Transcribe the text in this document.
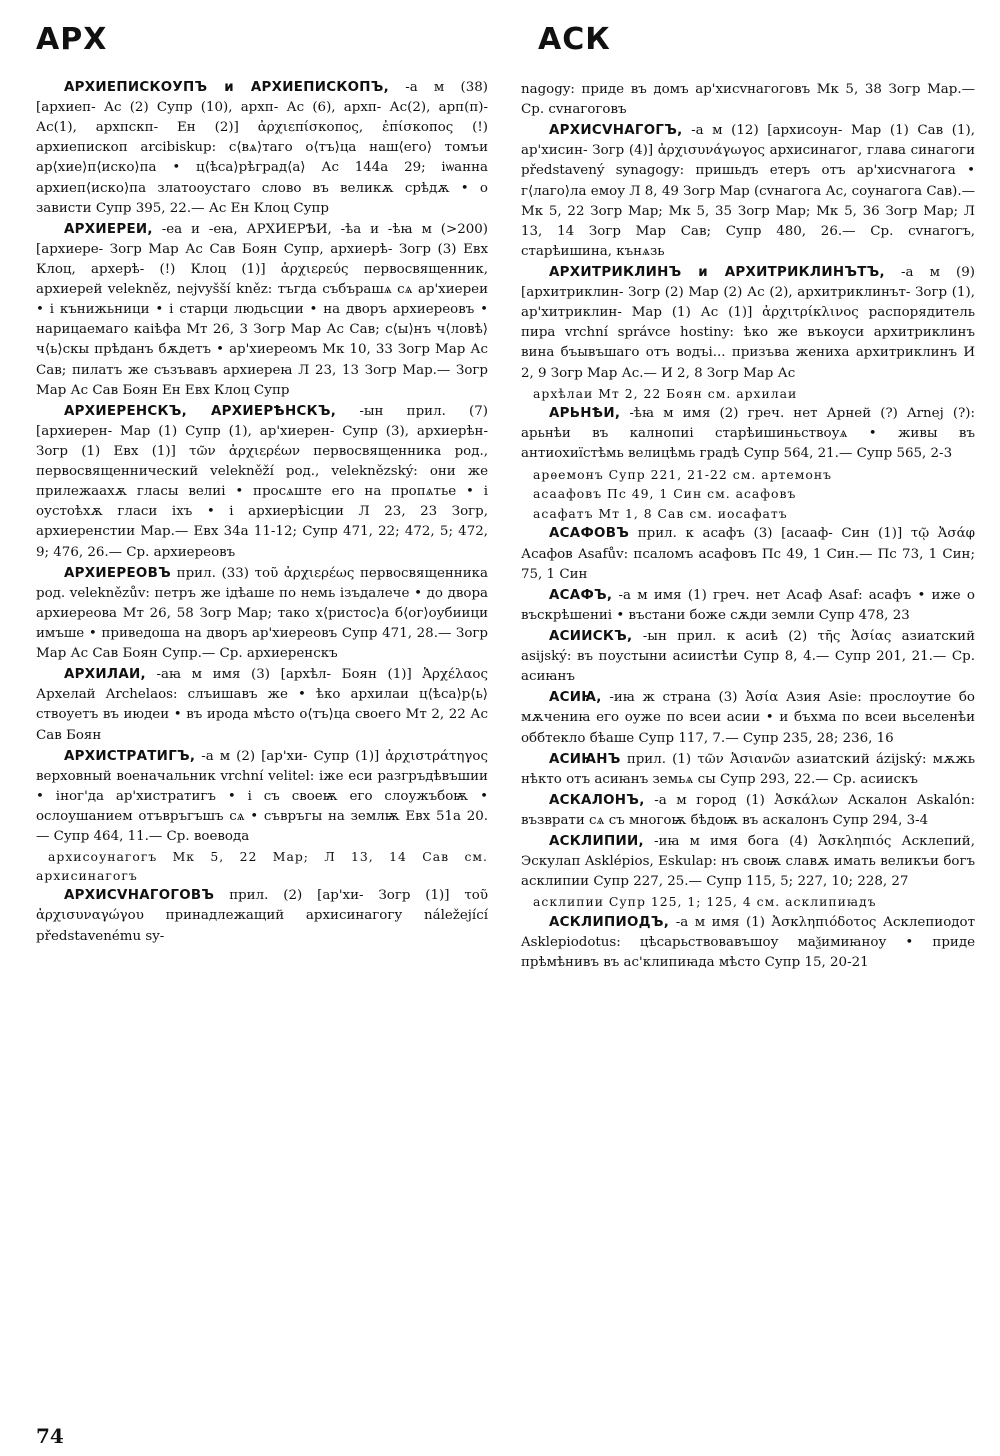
АРХ	АСК

АРХИЕПИСКОУПЪ и АРХИЕПИСКОПЪ, -а м (38) [архиеп- Ас (2) Супр (10), архп- Ас (6), архп- Ас(2), арп(п)- Ас(1), архпскп- Ен (2)] ἀρχιεπίσκοπος, ἐπίσκοπος (!) архиепископ arcibiskup: с⟨вѧ⟩таго о⟨тъ⟩ца наш⟨его⟩ томъи ар⟨хие⟩п⟨иско⟩па • ц⟨ѣса⟩рѣград⟨а⟩ Ас 144а 29; іѡанна архиеп⟨иско⟩па златооустаго слово въ великѫ срѣдѫ • о зависти Супр 395, 22.— Ас Ен Клоц Супр

АРХИЕРЕИ, -еа и -еꙗ, АРХИЕРѢИ, -ѣа и -ѣꙗ м (>200) [архиере- Зогр Мар Ас Сав Боян Супр, архиерѣ- Зогр (3) Евх Клоц, архерѣ- (!) Клоц (1)] ἀρχιερεύς первосвященник, архиерей velekněz, nejvyšší kněz: тъгда събърашѧ сѧ ар'хиереи • і кънижьници • і старци людьсции • на дворъ архиереовъ • нарицаемаго каіѣфа Мт 26, 3 Зогр Мар Ас Сав; с⟨ы⟩нъ ч⟨ловѣ⟩ч⟨ь⟩скы прѣданъ бѫдетъ • ар'хиереомъ Мк 10, 33 Зогр Мар Ас Сав; пилатъ же съзъвавъ архиереꙗ Л 23, 13 Зогр Мар.— Зогр Мар Ас Сав Боян Ен Евх Клоц Супр

АРХИЕРЕНСКЪ, АРХИЕРѢНСКЪ, -ын прил. (7) [архиерен- Мар (1) Супр (1), ар'хиерен- Супр (3), архиерѣн- Зогр (1) Евх (1)] τῶν ἀρχιερέων первосвященника род., первосвященнический velekněží род., veleknězský: они же прилежаахѫ гласы велиі • просѧште его на пропѧтье • і оустоѣхѫ гласи іхъ • і архиерѣісции Л 23, 23 Зогр, архиеренстии Мар.— Евх 34а 11-12; Супр 471, 22; 472, 5; 472, 9; 476, 26.— Ср. архиереовъ

АРХИЕРЕОВЪ прил. (33) τοῦ ἀρχιερέως первосвященника род. veleknězův: петръ же ідѣаше по немь ізъдалече • до двора архиереова Мт 26, 58 Зогр Мар; тако х⟨ристос⟩а б⟨ог⟩оубиици имъше • приведоша на дворъ ар'хиереовъ Супр 471, 28.— Зогр Мар Ас Сав Боян Супр.— Ср. архиеренскъ

АРХИЛАИ, -аꙗ м имя (3) [архѣл- Боян (1)] Ἀρχέλαος Архелай Archelaos: слъишавъ же • ѣко архилаи ц⟨ѣса⟩р⟨ь⟩ствоуетъ въ июдеи • въ ирода мѣсто о⟨тъ⟩ца своего Мт 2, 22 Ас Сав Боян

АРХИСТРАТИГЪ, -а м (2) [ар'хи- Супр (1)] ἀρχιστράτηγος верховный военачальник vrchní velitel: іже еси разгръдѣвъшии • іног'да ар'хистратигъ • і съ своеѭ его слоужъбоѭ • ослоушанием отъвръгъшъ сѧ • съвръгы на землѭ Евх 51а 20.— Супр 464, 11.— Ср. воевода

архисоунагогъ Мк 5, 22 Мар; Л 13, 14 Сав см. архисинагогъ

АРХИСVНАГОГОВЪ прил. (2) [ар'хи- Зогр (1)] τοῦ ἀρχισυναγώγου принадлежащий архисинагогу náležející představenému sy-

nagogy: приде въ домъ ар'хисvнагоговъ Мк 5, 38 Зогр Мар.— Ср. сvнагоговъ

АРХИСVНАГОГЪ, -а м (12) [архисоун- Мар (1) Сав (1), ар'хисин- Зогр (4)] ἀρχισυνάγωγος архисинагог, глава синагоги představený synagogy: пришьдъ етеръ отъ ар'хисvнагога • г⟨лаго⟩ла емоу Л 8, 49 Зогр Мар (сvнагога Ас, соунагога Сав).— Мк 5, 22 Зогр Мар; Мк 5, 35 Зогр Мар; Мк 5, 36 Зогр Мар; Л 13, 14 Зогр Мар Сав; Супр 480, 26.— Ср. сvнагогъ, старѣишина, кънѧзь

АРХИТРИКЛИНЪ и АРХИТРИКЛИНЪТЪ, -а м (9) [архитриклин- Зогр (2) Мар (2) Ас (2), архитриклинът- Зогр (1), ар'хитриклин- Мар (1) Ас (1)] ἀρχιτρίκλινος распорядитель пира vrchní správce hostiny: ѣко же въкоуси архитриклинъ вина бъывъшаго отъ водъі... призъва жениха архитриклинъ И 2, 9 Зогр Мар Ас.— И 2, 8 Зогр Мар Ас

архѣлаи Мт 2, 22 Боян см. архилаи

АРЬНѢИ, -ѣꙗ м имя (2) греч. нет Арней (?) Arnej (?): арьнѣи въ калнопиі старѣишиньствоуѧ • живы въ антиохиїстѣмь велицѣмь градѣ Супр 564, 21.— Супр 565, 2-3

арѳемонъ Супр 221, 21-22 см. артемонъ

асаафовъ Пс 49, 1 Син см. асафовъ

асафатъ Мт 1, 8 Сав см. иосафатъ

АСАФОВЪ прил. к асафъ (3) [асааф- Син (1)] τῷ Ἀσάφ Асафов Asafův: псаломъ асафовъ Пс 49, 1 Син.— Пс 73, 1 Син; 75, 1 Син

АСАФЪ, -а м имя (1) греч. нет Асаф Asaf: асафъ • иже о въскрѣшениі • въстани боже сѫди земли Супр 478, 23

АСИИСКЪ, -ын прил. к асиѣ (2) τῆς Ἀσίας азиатский asijský: въ поустыни асиистѣи Супр 8, 4.— Супр 201, 21.— Ср. асиꙗнъ

АСИꙖ, -иꙗ ж страна (3) Ἀσία Азия Asie: прослоутие бо мѫчениꙗ его оуже по всеи асии • и бъхма по всеи вьселенѣи оббтекло бѣаше Супр 117, 7.— Супр 235, 28; 236, 16

АСИꙖНЪ прил. (1) τῶν Ἀσιανῶν азиатский ázijský: мѫжь нѣкто отъ асиꙗнъ земьѧ сы Супр 293, 22.— Ср. асиискъ

АСКАЛОНЪ, -а м город (1) Ἀσκάλων Аскалон Askalón: възврати сѧ съ многоѭ бѣдоѭ въ аскалонъ Супр 294, 3-4

АСКЛИПИИ, -иꙗ м имя бога (4) Ἀσκληπιός Асклепий, Эскулап Asklépios, Eskulap: нъ своѭ славѫ имать великъи богъ асклипии Супр 227, 25.— Супр 115, 5; 227, 10; 228, 27

асклипии Супр 125, 1; 125, 4 см. асклипиꙗдъ

АСКЛИПИОДЪ, -а м имя (1) Ἀσκληπιόδοτος Асклепиодот Asklepiodotus: цѣсарьствовавъшоу маѯимиꙗноу • приде прѣмѣнивъ въ ас'клипиꙗда мѣсто Супр 15, 20-21

74
